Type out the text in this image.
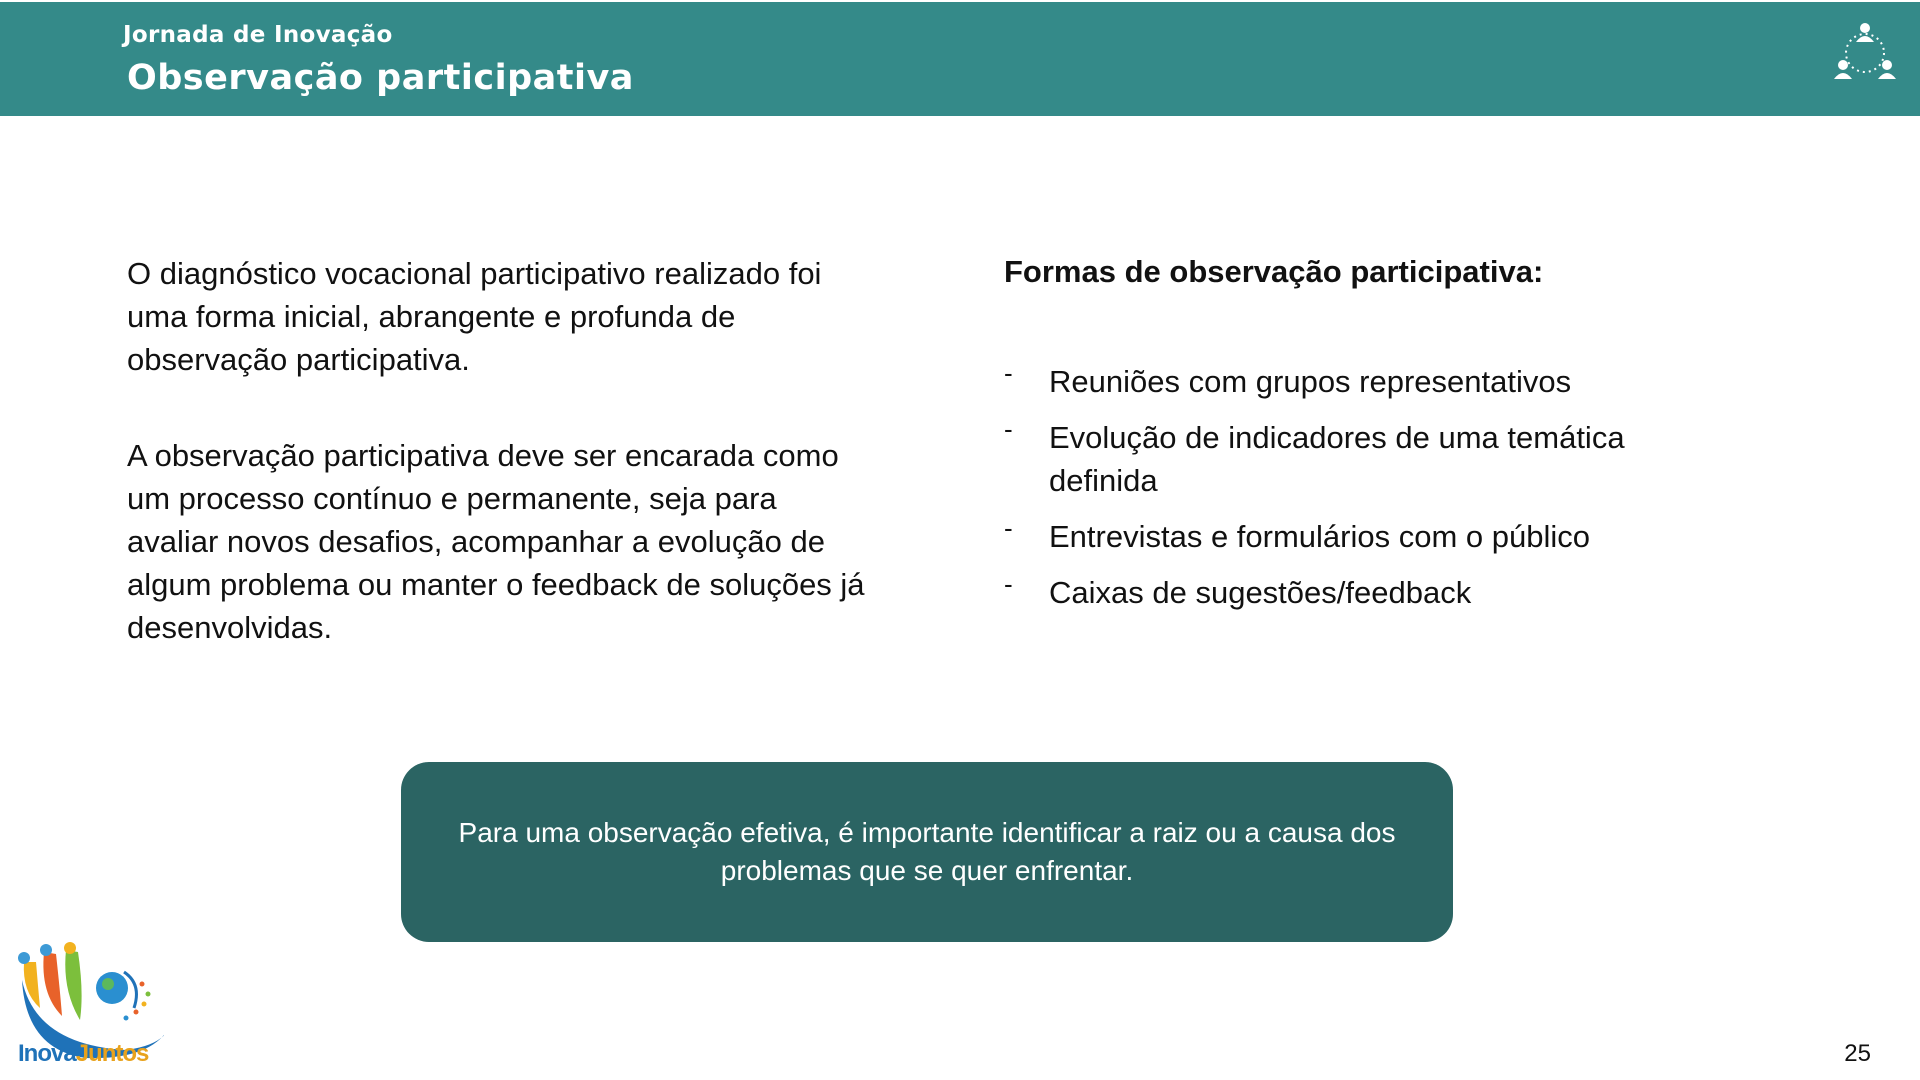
Jornada de Inovação
Observação participativa

O diagnóstico vocacional participativo realizado foi uma forma inicial, abrangente e profunda de observação participativa.

A observação participativa deve ser encarada como um processo contínuo e permanente, seja para avaliar novos desafios, acompanhar a evolução de algum problema ou manter o feedback de soluções já desenvolvidas.

Formas de observação participativa:
- Reuniões com grupos representativos
- Evolução de indicadores de uma temática definida
- Entrevistas e formulários com o público
- Caixas de sugestões/feedback
Para uma observação efetiva, é importante identificar a raiz ou a causa dos problemas que se quer enfrentar.
InovaJuntos	25
